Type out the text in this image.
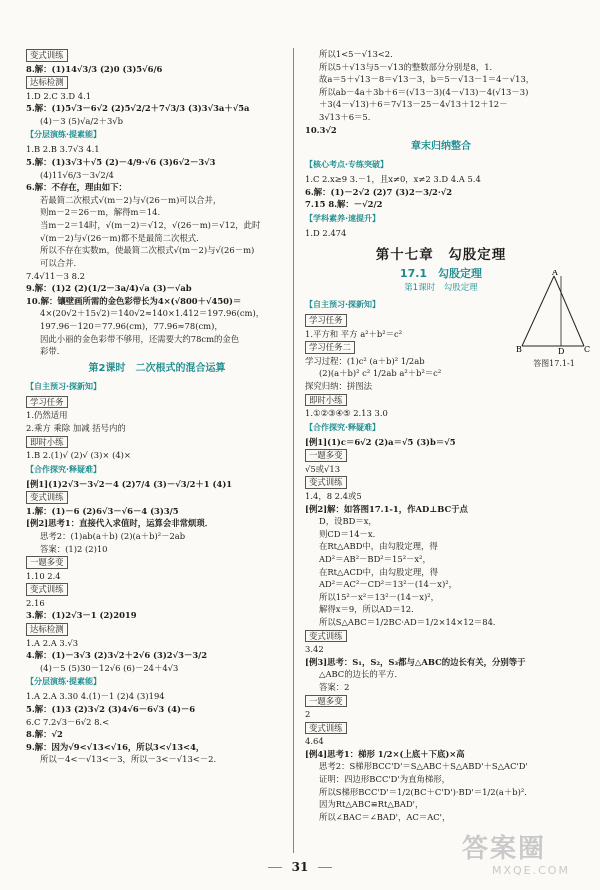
变式训练
8.解：(1)14√3/3 (2)0 (3)5√6/6
达标检测
1.D 2.C 3.D 4.1
5.解：(1)5√3－6√2 (2)5√2/2＋7√3/3 (3)3√3a＋√5a
(4)－3 (5)√a/2＋3√b
【 分层演练·提素能 】
1.B 2.B 3.7√3 4.1
5.解：(1)3√3＋√5 (2)－4/9·√6 (3)6√2－3√3
(4)11√6/3－3√2/4
6.解：不存在，理由如下：
若最简二次根式√(m－2)与√(26－m)可以合并，
则m－2＝26－m，解得m＝14.
当m－2＝14时，√(m－2)＝√12，√(26－m)＝√12，此时
√(m－2)与√(26－m)都不是最简二次根式．
所以不存在实数m，使最简二次根式√(m－2)与√(26－m)
可以合并．
7.4√11－3 8.2
9.解：(1)2 (2)(1/2－3a/4)√a (3)－√ab
10.解：镶壁画所需的金色彩带长为4×(√800＋√450)＝
4×(20√2＋15√2)＝140√2≈140×1.412＝197.96(cm)，
197.96－120＝77.96(cm)，77.96≈78(cm)，
因此小丽的金色彩带不够用，还需要大约78cm的金色
彩带．
第2课时　二次根式的混合运算
【 自主预习·探新知 】
学习任务
1.仍然适用
2.乘方 乘除 加减 括号内的
即时小练
1.B 2.(1)√ (2)√ (3)× (4)×
【 合作探究·释疑难 】
[例1](1)2√3－3√2－4 (2)7/4 (3)－√3/2＋1 (4)1
变式训练
1.解：(1)－6 (2)6√3－√6－4 (3)3/5
[例2]思考1：直接代入求值时，运算会非常烦琐．
思考2：(1)ab(a＋b) (2)(a＋b)²－2ab
答案：(1)2 (2)10
一题多变
1.10 2.4
变式训练
2.16
3.解：(1)2√3－1 (2)2019
达标检测
1.A 2.A 3.√3
4.解：(1)－3√3 (2)3√2＋2√6 (3)2√3－3/2
(4)－5 (5)30－12√6 (6)－24＋4√3
【 分层演练·提素能 】
1.A 2.A 3.30 4.(1)－1 (2)4 (3)194
5.解：(1)3 (2)3√2 (3)4√6－6√3 (4)－6
6.C 7.2√3－6√2 8.<
8.解：√2
9.解：因为√9<√13<√16，所以3<√13<4，
所以－4<－√13<－3，所以－3<－√13<－2．
所以1<5－√13<2．
所以5＋√13与5－√13的整数部分分别是8，1．
故a＝5＋√13－8＝√13－3，b＝5－√13－1＝4－√13，
所以ab－4a＋3b＋6＝(√13－3)(4－√13)－4(√13－3)
＋3(4－√13)＋6＝7√13－25－4√13＋12＋12－
3√13＋6＝5．
10.3√2
章末归纳整合
【 核心考点·专练突破 】
1.C 2.x≥9 3.－1，且x≠0，x≠2 3.D 4.A 5.4
6.解：(1)－2√2 (2)7 (3)2－3/2·√2
7.15 8.解：－√2/2
【 学科素养·速提升 】
1.D 2.474
第十七章　勾股定理
17.1　勾股定理
第1课时　勾股定理
【 自主预习·探新知 】
学习任务
1.平方和 平方 a²＋b²＝c²
学习任务二
学习过程：(1)c² (a＋b)² 1/2ab
(2)(a＋b)² c² 1/2ab a²＋b²＝c²
探究归纳：拼图法
即时小练
1.①②③④⑤ 2.13 3.0
【 合作探究·释疑难 】
[例1](1)c＝6√2 (2)a＝√5 (3)b＝√5
一题多变
√5或√13
变式训练
1.4，8 2.4或5
[例2]解：如答图17.1-1，作AD⊥BC于点
D，设BD＝x，
则CD＝14－x．
在Rt△ABD中，由勾股定理，得
AD²＝AB²－BD²＝15²－x²，
在Rt△ACD中，由勾股定理，得
AD²＝AC²－CD²＝13²－(14－x)²，
所以15²－x²＝13²－(14－x)²，
解得x＝9，所以AD＝12．
所以S△ABC＝1/2BC·AD＝1/2×14×12＝84．
变式训练
3.42
[例3]思考：S₁，S₂，S₃都与△ABC的边长有关，分别等于
△ABC的边长的平方．
答案：2
一题多变
2
变式训练
4.64
[例4]思考1：梯形 1/2×(上底＋下底)×高
思考2：S梯形BCC'D'＝S△ABC＋S△ABD'＋S△AC'D'
证明：四边形BCC'D'为直角梯形，
所以S梯形BCC'D'＝1/2(BC＋C'D')·BD'＝1/2(a＋b)²．
因为Rt△ABC≌Rt△BAD'，
所以∠BAC＝∠BAD'，AC＝AC'，
A
B	D C
答图17.1-1
31
答案圈
MXQE.COM
